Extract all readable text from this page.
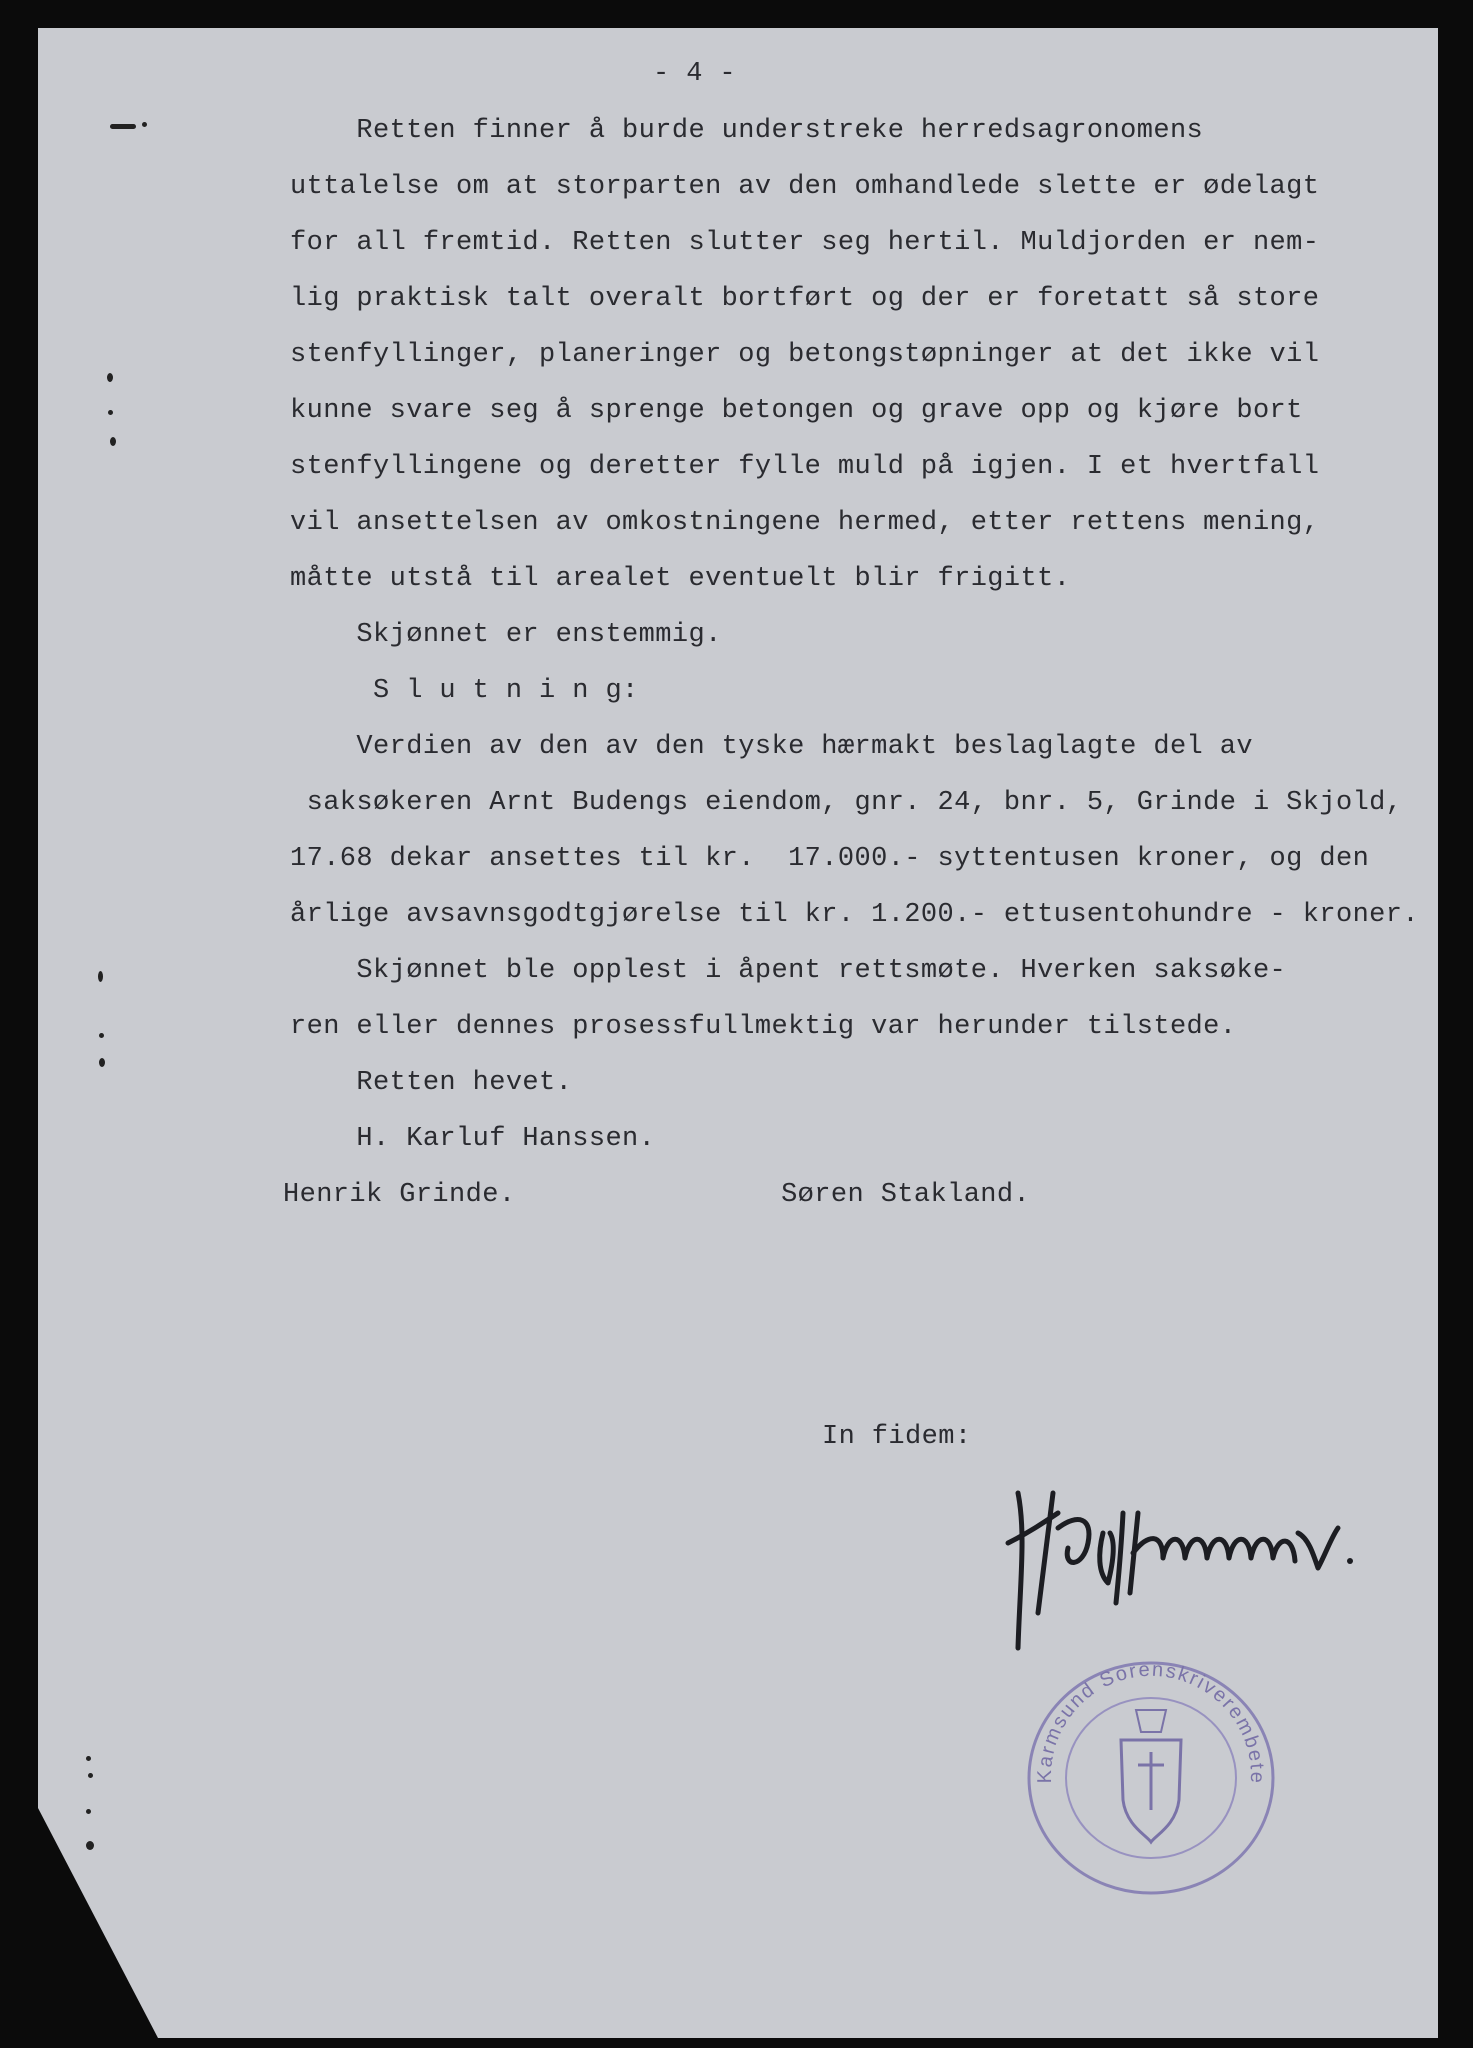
- 4 -
Retten finner å burde understreke herredsagronomens
uttalelse om at storparten av den omhandlede slette er ødelagt
for all fremtid. Retten slutter seg hertil. Muldjorden er nem-
lig praktisk talt overalt bortført og der er foretatt så store
stenfyllinger, planeringer og betongstøpninger at det ikke vil
kunne svare seg å sprenge betongen og grave opp og kjøre bort
stenfyllingene og deretter fylle muld på igjen. I et hvertfall
vil ansettelsen av omkostningene hermed, etter rettens mening,
måtte utstå til arealet eventuelt blir frigitt.
Skjønnet er enstemmig.
S l u t n i n g:
Verdien av den av den tyske hærmakt beslaglagte del av
saksøkeren Arnt Budengs eiendom, gnr. 24, bnr. 5, Grinde i Skjold,
17.68 dekar ansettes til kr.  17.000.- syttentusen kroner, og den
årlige avsavnsgodtgjørelse til kr. 1.200.- ettusentohundre - kroner.
Skjønnet ble opplest i åpent rettsmøte. Hverken saksøke-
ren eller dennes prosessfullmektig var herunder tilstede.
Retten hevet.
H. Karluf Hanssen.
Henrik Grinde.                Søren Stakland.
In fidem:
Karmsund Sorenskriverembete
